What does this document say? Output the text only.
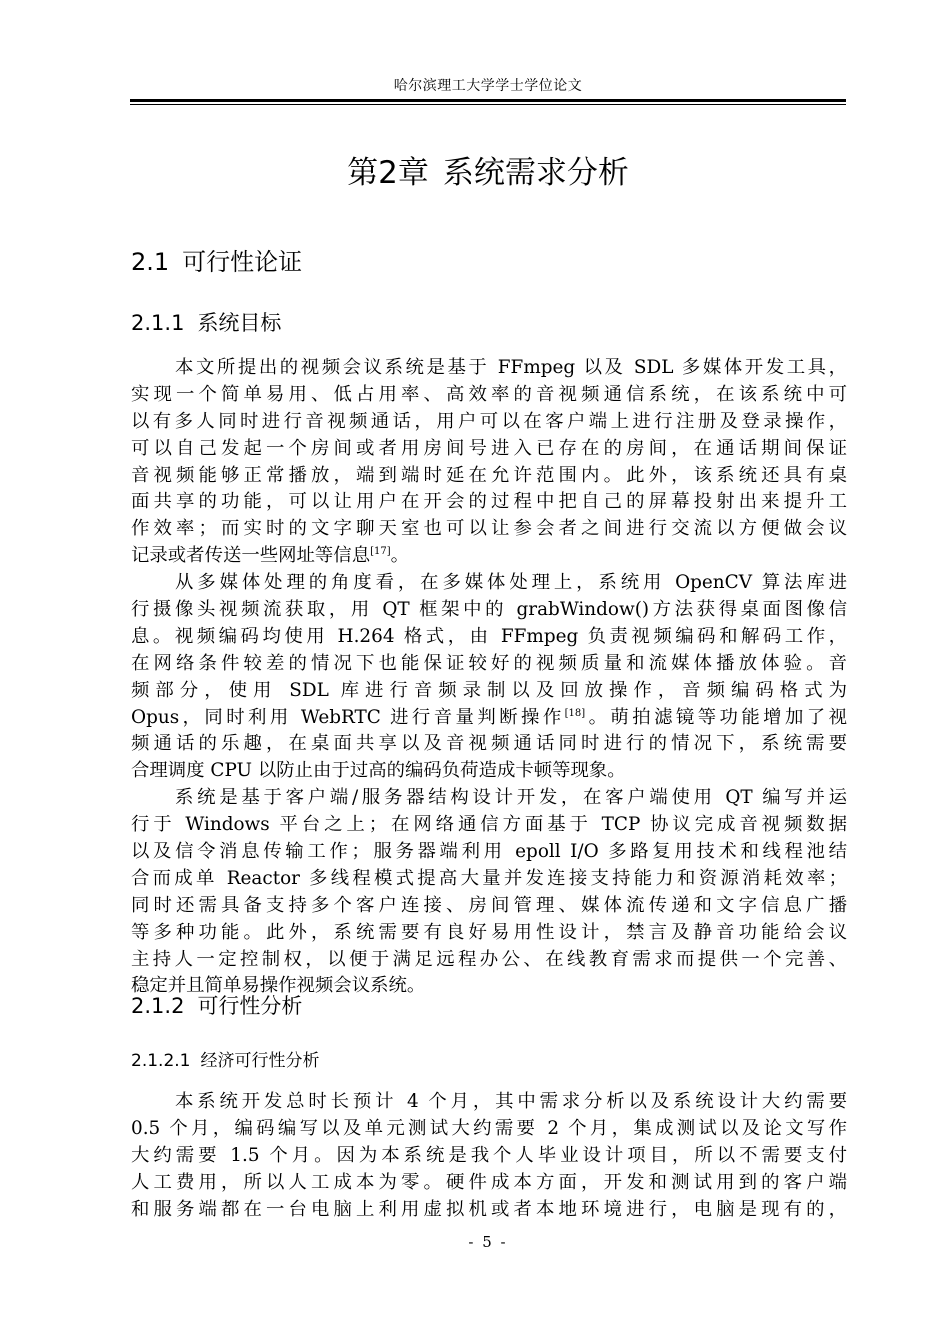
哈尔滨理工大学学士学位论文
第2章 系统需求分析
2.1 可行性论证
2.1.1 系统目标
本文所提出的视频会议系统是基于 FFmpeg 以及 SDL 多媒体开发工具，
实现一个简单易用、低占用率、高效率的音视频通信系统，在该系统中可
以有多人同时进行音视频通话，用户可以在客户端上进行注册及登录操作，
可以自己发起一个房间或者用房间号进入已存在的房间，在通话期间保证
音视频能够正常播放，端到端时延在允许范围内。此外，该系统还具有桌
面共享的功能，可以让用户在开会的过程中把自己的屏幕投射出来提升工
作效率；而实时的文字聊天室也可以让参会者之间进行交流以方便做会议
记录或者传送一些网址等信息[17]。
从多媒体处理的角度看，在多媒体处理上，系统用 OpenCV 算法库进
行摄像头视频流获取，用 QT 框架中的 grabWindow()方法获得桌面图像信
息。视频编码均使用 H.264 格式，由 FFmpeg 负责视频编码和解码工作，
在网络条件较差的情况下也能保证较好的视频质量和流媒体播放体验。音
频部分，使用 SDL 库进行音频录制以及回放操作，音频编码格式为
Opus，同时利用 WebRTC 进行音量判断操作[18]。萌拍滤镜等功能增加了视
频通话的乐趣，在桌面共享以及音视频通话同时进行的情况下，系统需要
合理调度 CPU 以防止由于过高的编码负荷造成卡顿等现象。
系统是基于客户端/服务器结构设计开发，在客户端使用 QT 编写并运
行于 Windows 平台之上；在网络通信方面基于 TCP 协议完成音视频数据
以及信令消息传输工作；服务器端利用 epoll I/O 多路复用技术和线程池结
合而成单 Reactor 多线程模式提高大量并发连接支持能力和资源消耗效率；
同时还需具备支持多个客户连接、房间管理、媒体流传递和文字信息广播
等多种功能。此外，系统需要有良好易用性设计，禁言及静音功能给会议
主持人一定控制权，以便于满足远程办公、在线教育需求而提供一个完善、
稳定并且简单易操作视频会议系统。
2.1.2 可行性分析
2.1.2.1 经济可行性分析
本系统开发总时长预计 4 个月，其中需求分析以及系统设计大约需要
0.5 个月，编码编写以及单元测试大约需要 2 个月，集成测试以及论文写作
大约需要 1.5 个月。因为本系统是我个人毕业设计项目，所以不需要支付
人工费用，所以人工成本为零。硬件成本方面，开发和测试用到的客户端
和服务端都在一台电脑上利用虚拟机或者本地环境进行，电脑是现有的，
- 5 -
